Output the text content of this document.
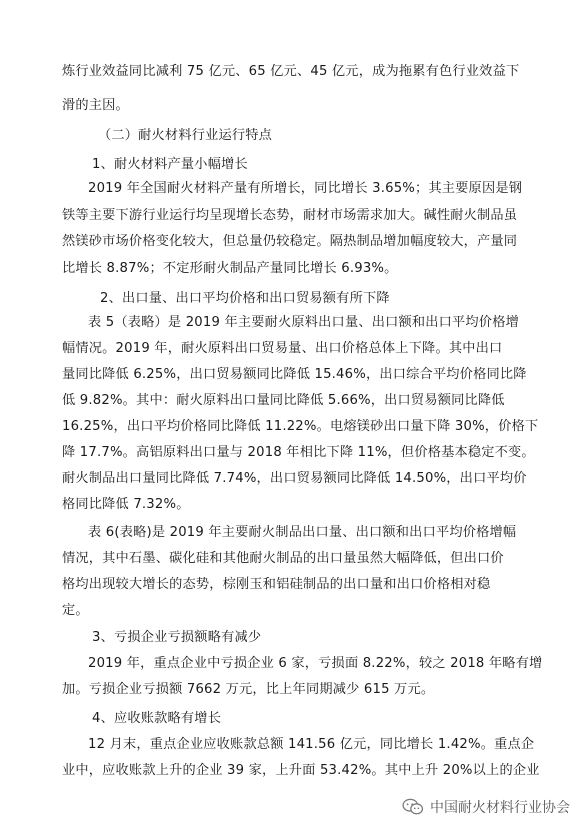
炼行业效益同比减利 75 亿元、65 亿元、45 亿元，成为拖累有色行业效益下
滑的主因。
（二）耐火材料行业运行特点
1、耐火材料产量小幅增长
2019 年全国耐火材料产量有所增长，同比增长 3.65%；其主要原因是钢
铁等主要下游行业运行均呈现增长态势，耐材市场需求加大。碱性耐火制品虽
然镁砂市场价格变化较大，但总量仍较稳定。隔热制品增加幅度较大，产量同
比增长 8.87%；不定形耐火制品产量同比增长 6.93%。
2、出口量、出口平均价格和出口贸易额有所下降
表 5（表略）是 2019 年主要耐火原料出口量、出口额和出口平均价格增
幅情况。2019 年，耐火原料出口贸易量、出口价格总体上下降。其中出口
量同比降低 6.25%，出口贸易额同比降低 15.46%，出口综合平均价格同比降
低 9.82%。其中：耐火原料出口量同比降低 5.66%，出口贸易额同比降低
16.25%，出口平均价格同比降低 11.22%。电熔镁砂出口量下降 30%，价格下
降 17.7%。高铝原料出口量与 2018 年相比下降 11%，但价格基本稳定不变。
耐火制品出口量同比降低 7.74%，出口贸易额同比降低 14.50%，出口平均价
格同比降低 7.32%。
表 6(表略)是 2019 年主要耐火制品出口量、出口额和出口平均价格增幅
情况，其中石墨、碳化硅和其他耐火制品的出口量虽然大幅降低，但出口价
格均出现较大增长的态势，棕刚玉和铝硅制品的出口量和出口价格相对稳
定。
3、亏损企业亏损额略有减少
2019 年，重点企业中亏损企业 6 家，亏损面 8.22%，较之 2018 年略有增
加。亏损企业亏损额 7662 万元，比上年同期减少 615 万元。
4、应收账款略有增长
12 月末，重点企业应收账款总额 141.56 亿元，同比增长 1.42%。重点企
业中，应收账款上升的企业 39 家，上升面 53.42%。其中上升 20%以上的企业
中国耐火材料行业协会
